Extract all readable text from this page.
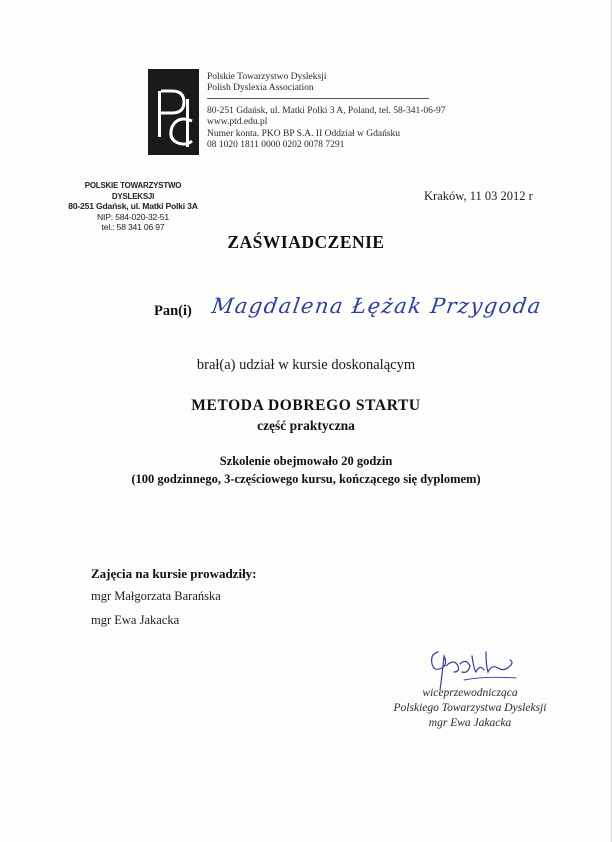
Polskie Towarzystwo Dysleksji
Polish Dyslexia Association
80-251 Gdańsk, ul. Matki Polki 3 A, Poland, tel. 58-341-06-97
www.ptd.edu.pl
Numer konta. PKO BP S.A. II Oddział w Gdańsku
08 1020 1811 0000 0202 0078 7291
POLSKIE TOWARZYSTWO DYSLEKSJI
80-251 Gdańsk, ul. Matki Polki 3A
NIP: 584-020-32-51
tel.: 58 341 06 97
Kraków, 11 03 2012 r
ZAŚWIADCZENIE
Pan(i) Magdalena Łężak Przygoda
brał(a) udział w kursie doskonalącym
METODA DOBREGO STARTU
część praktyczna
Szkolenie obejmowało 20 godzin
(100 godzinnego, 3-częściowego kursu, kończącego się dyplomem)
Zajęcia na kursie prowadziły:
mgr Małgorzata Barańska
mgr Ewa Jakacka
wiceprzewodnicząca
Polskiego Towarzystwa Dysleksji
mgr Ewa Jakacka
